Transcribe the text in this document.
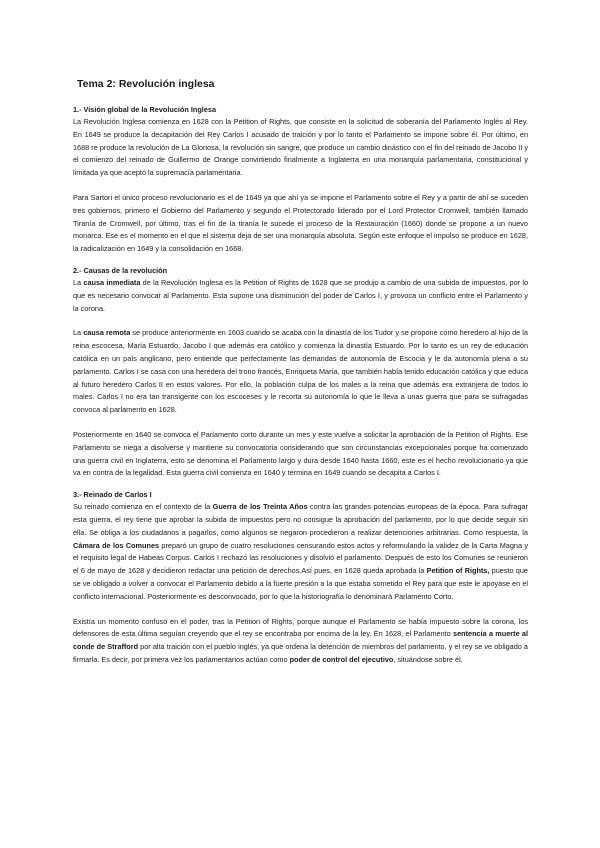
Tema 2: Revolución inglesa
1.- Visión global de la Revolución Inglesa

La Revolución Inglesa comienza en 1628 con la Petition of Rights, que consiste en la solicitud de soberanía del Parlamento Inglés al Rey. En 1649 se produce la decapitación del Rey Carlos I acusado de traición y por lo tanto el Parlamento se impone sobre él. Por último, en 1688 re produce la revolución de La Gloriosa, la revolución sin sangre, que produce un cambio dinástico con el fin del reinado de Jacobo II y el comienzo del reinado de Guillermo de Orange convirtiendo finalmente a Inglaterra en una monarquía parlamentaria, constitucional y limitada ya que aceptó la supremacía parlamentaria.

Para Sartori el único proceso revolucionario es el de 1649 ya que ahí ya se impone el Parlamento sobre el Rey y a partir de ahí se suceden tres gobiernos, primero el Gobierno del Parlamento y segundo el Protectorado liderado por el Lord Protector Cromwell, también llamado Tiranía de Cromwell, por último, tras el fin de la tiranía le sucede el proceso de la Restauración (1660) donde se propone a un nuevo monarca. Ese es el momento en el que el sistema deja de ser una monarquía absoluta. Según este enfoque el impulso se produce en 1628, la radicalización en 1649 y la consolidación en 1668.

2.- Causas de la revolución

La causa inmediata de la Revolución Inglesa es la Petition of Rights de 1628 que se produjo a cambio de una subida de impuestos, por lo que es necesario convocar al Parlamento. Esta supone una disminución del poder de Carlos I, y provoca un conflicto entre el Parlamento y la corona.

La causa remota se produce anteriormente en 1603 cuando se acaba con la dinastía de los Tudor y se propone como heredero al hijo de la reina escocesa, María Estuardo, Jacobo I que además era católico y comienza la dinastía Estuardo. Por lo tanto es un rey de educación católica en un país anglicano, pero entiende que perfectamente las demandas de autonomía de Escocia y le da autonomía plena a su parlamento. Carlos I se casa con una heredera del trono francés, Enriqueta María, que también había tenido educación católica y que educa al futuro heredero Carlos II en estos valores. Por ello, la población culpa de los males a la reina que además era extranjera de todos lo males. Carlos I no era tan transigente con los escoceses y le recorta su autonomía lo que le lleva a unas guerra que para se sufragadas convoca al parlamento en 1628.

Posteriormente en 1640 se convoca el Parlamento corto durante un mes y este vuelve a solicitar la aprobación de la Petition of Rights. Ese Parlamento se niega a disolverse y mantiene su convocatoria considerando que son circunstancias excepcionales porque ha comenzado una guerra civil en Inglaterra, esto se denomina el Parlamento largo y dura desde 1640 hasta 1660, este es el hecho revolucionario ya que va en contra de la legalidad. Esta guerra civil comienza en 1640 y termina en 1649 cuando se decapita a Carlos I.

3.- Reinado de Carlos I

Su reinado comienza en el contexto de la Guerra de los Treinta Años contra las grandes potencias europeas de la época. Para sufragar esta guerra, el rey tiene que aprobar la subida de impuestos pero no consigue la aprobación del parlamento, por lo que decide seguir sin ella. Se obliga a los ciudadanos a pagarlos, como algunos se negaron procedieron a realizar detenciones arbitrarias. Como respuesta, la Cámara de los Comunes preparó un grupo de cuatro resoluciones censurando estos actos y reformulando la validez de la Carta Magna y el requisito legal de Habeas Corpus. Carlos I rechazó las resoluciones y disolvió el parlamento. Después de esto los Comunes se reunieron el 6 de mayo de 1628 y decidieron redactar una petición de derechos.Así pues, en 1628 queda aprobada la Petition of Rights, puesto que se ve obligado a volver a convocar el Parlamento debido a la fuerte presión a la que estaba sometido el Rey para que este le apoyase en el conflicto internacional. Posteriormente es desconvocado, por lo que la historiografía lo denominará Parlamento Corto.

Existía un momento confuso en el poder, tras la Petition of Rights, porque aunque el Parlamento se había impuesto sobre la corona, los defensores de esta última seguían creyendo que el rey se encontraba por encima de la ley. En 1628, el Parlamento sentencia a muerte al conde de Strafford por alta traición con el pueblo inglés, ya que ordena la detención de miembros del parlamento, y el rey se ve obligado a firmarla. Es decir, por primera vez los parlamentarios actúan como poder de control del ejecutivo, situándose sobre él.
